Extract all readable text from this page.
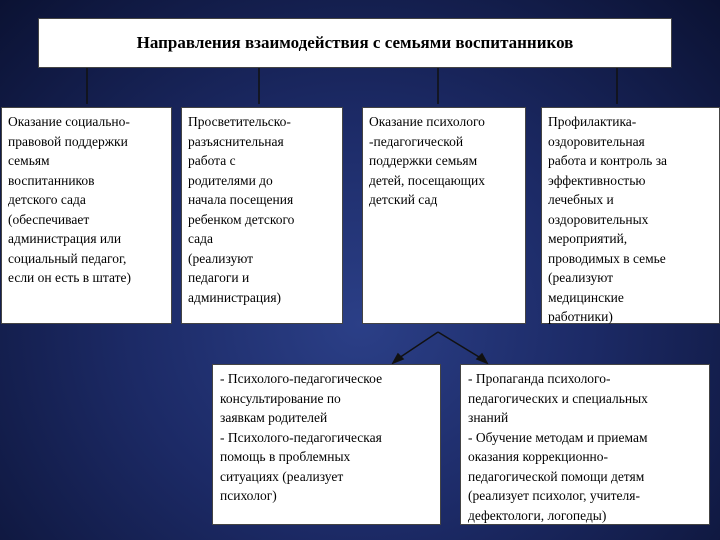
Направления взаимодействия с семьями воспитанников
Оказание социально-
правовой поддержки
семьям
воспитанников
детского сада
(обеспечивает
администрация или
социальный педагог,
если он есть в штате)
Просветительско-
разъяснительная
работа с
родителями до
начала посещения
ребенком детского
сада
(реализуют
педагоги и
администрация)
Оказание психолого
-педагогической
поддержки семьям
детей, посещающих
детский сад
Профилактика-
оздоровительная
работа и контроль за
эффективностью
лечебных и
оздоровительных
мероприятий,
проводимых в семье
(реализуют
медицинские
работники)
- Психолого-педагогическое
консультирование по
заявкам родителей
- Психолого-педагогическая
помощь в проблемных
ситуациях (реализует
психолог)
- Пропаганда психолого-
педагогических и специальных
знаний
- Обучение методам и приемам
оказания коррекционно-
педагогической помощи детям
(реализует психолог, учителя-
дефектологи, логопеды)
